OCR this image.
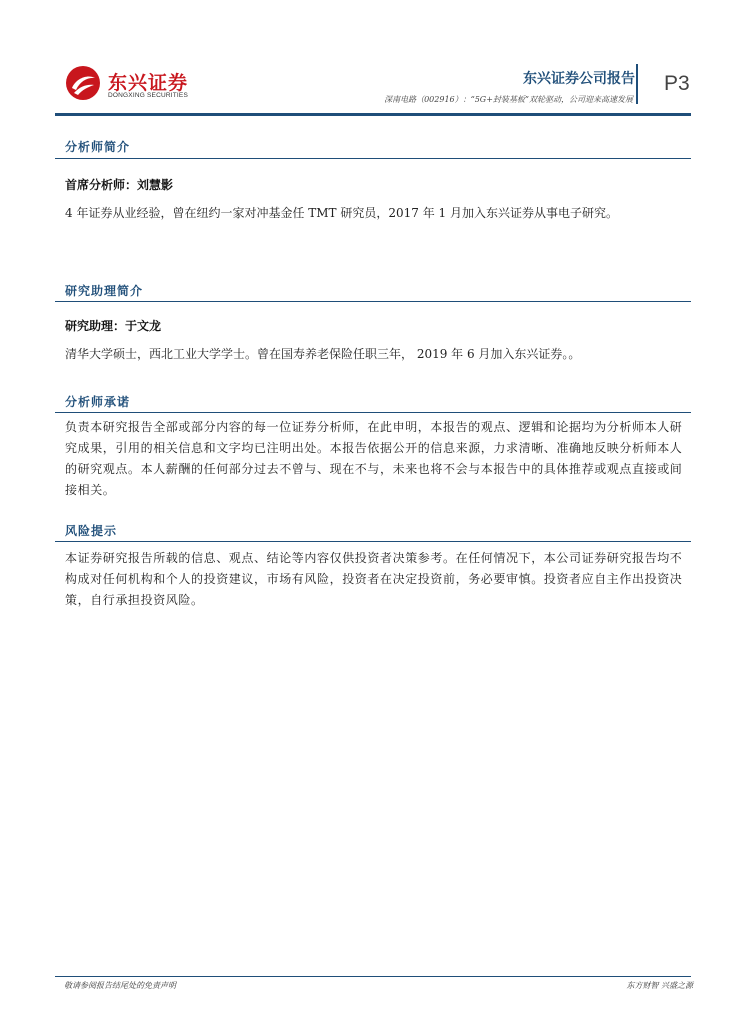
东兴证券
DONGXING SECURITIES
东兴证券公司报告
深南电路（002916）：“5G+封装基板”双轮驱动，公司迎来高速发展
P3
分析师简介
首席分析师：刘慧影
4 年证券从业经验，曾在纽约一家对冲基金任 TMT 研究员，2017 年 1 月加入东兴证券从事电子研究。
研究助理简介
研究助理：于文龙
清华大学硕士，西北工业大学学士。曾在国寿养老保险任职三年， 2019 年 6 月加入东兴证券。。
分析师承诺
负责本研究报告全部或部分内容的每一位证券分析师，在此申明，本报告的观点、逻辑和论据均为分析师本人研究成果，引用的相关信息和文字均已注明出处。本报告依据公开的信息来源，力求清晰、准确地反映分析师本人的研究观点。本人薪酬的任何部分过去不曾与、现在不与，未来也将不会与本报告中的具体推荐或观点直接或间接相关。
风险提示
本证券研究报告所载的信息、观点、结论等内容仅供投资者决策参考。在任何情况下，本公司证券研究报告均不构成对任何机构和个人的投资建议，市场有风险，投资者在决定投资前，务必要审慎。投资者应自主作出投资决策，自行承担投资风险。
敬请参阅报告结尾处的免责声明	东方财智 兴盛之源
